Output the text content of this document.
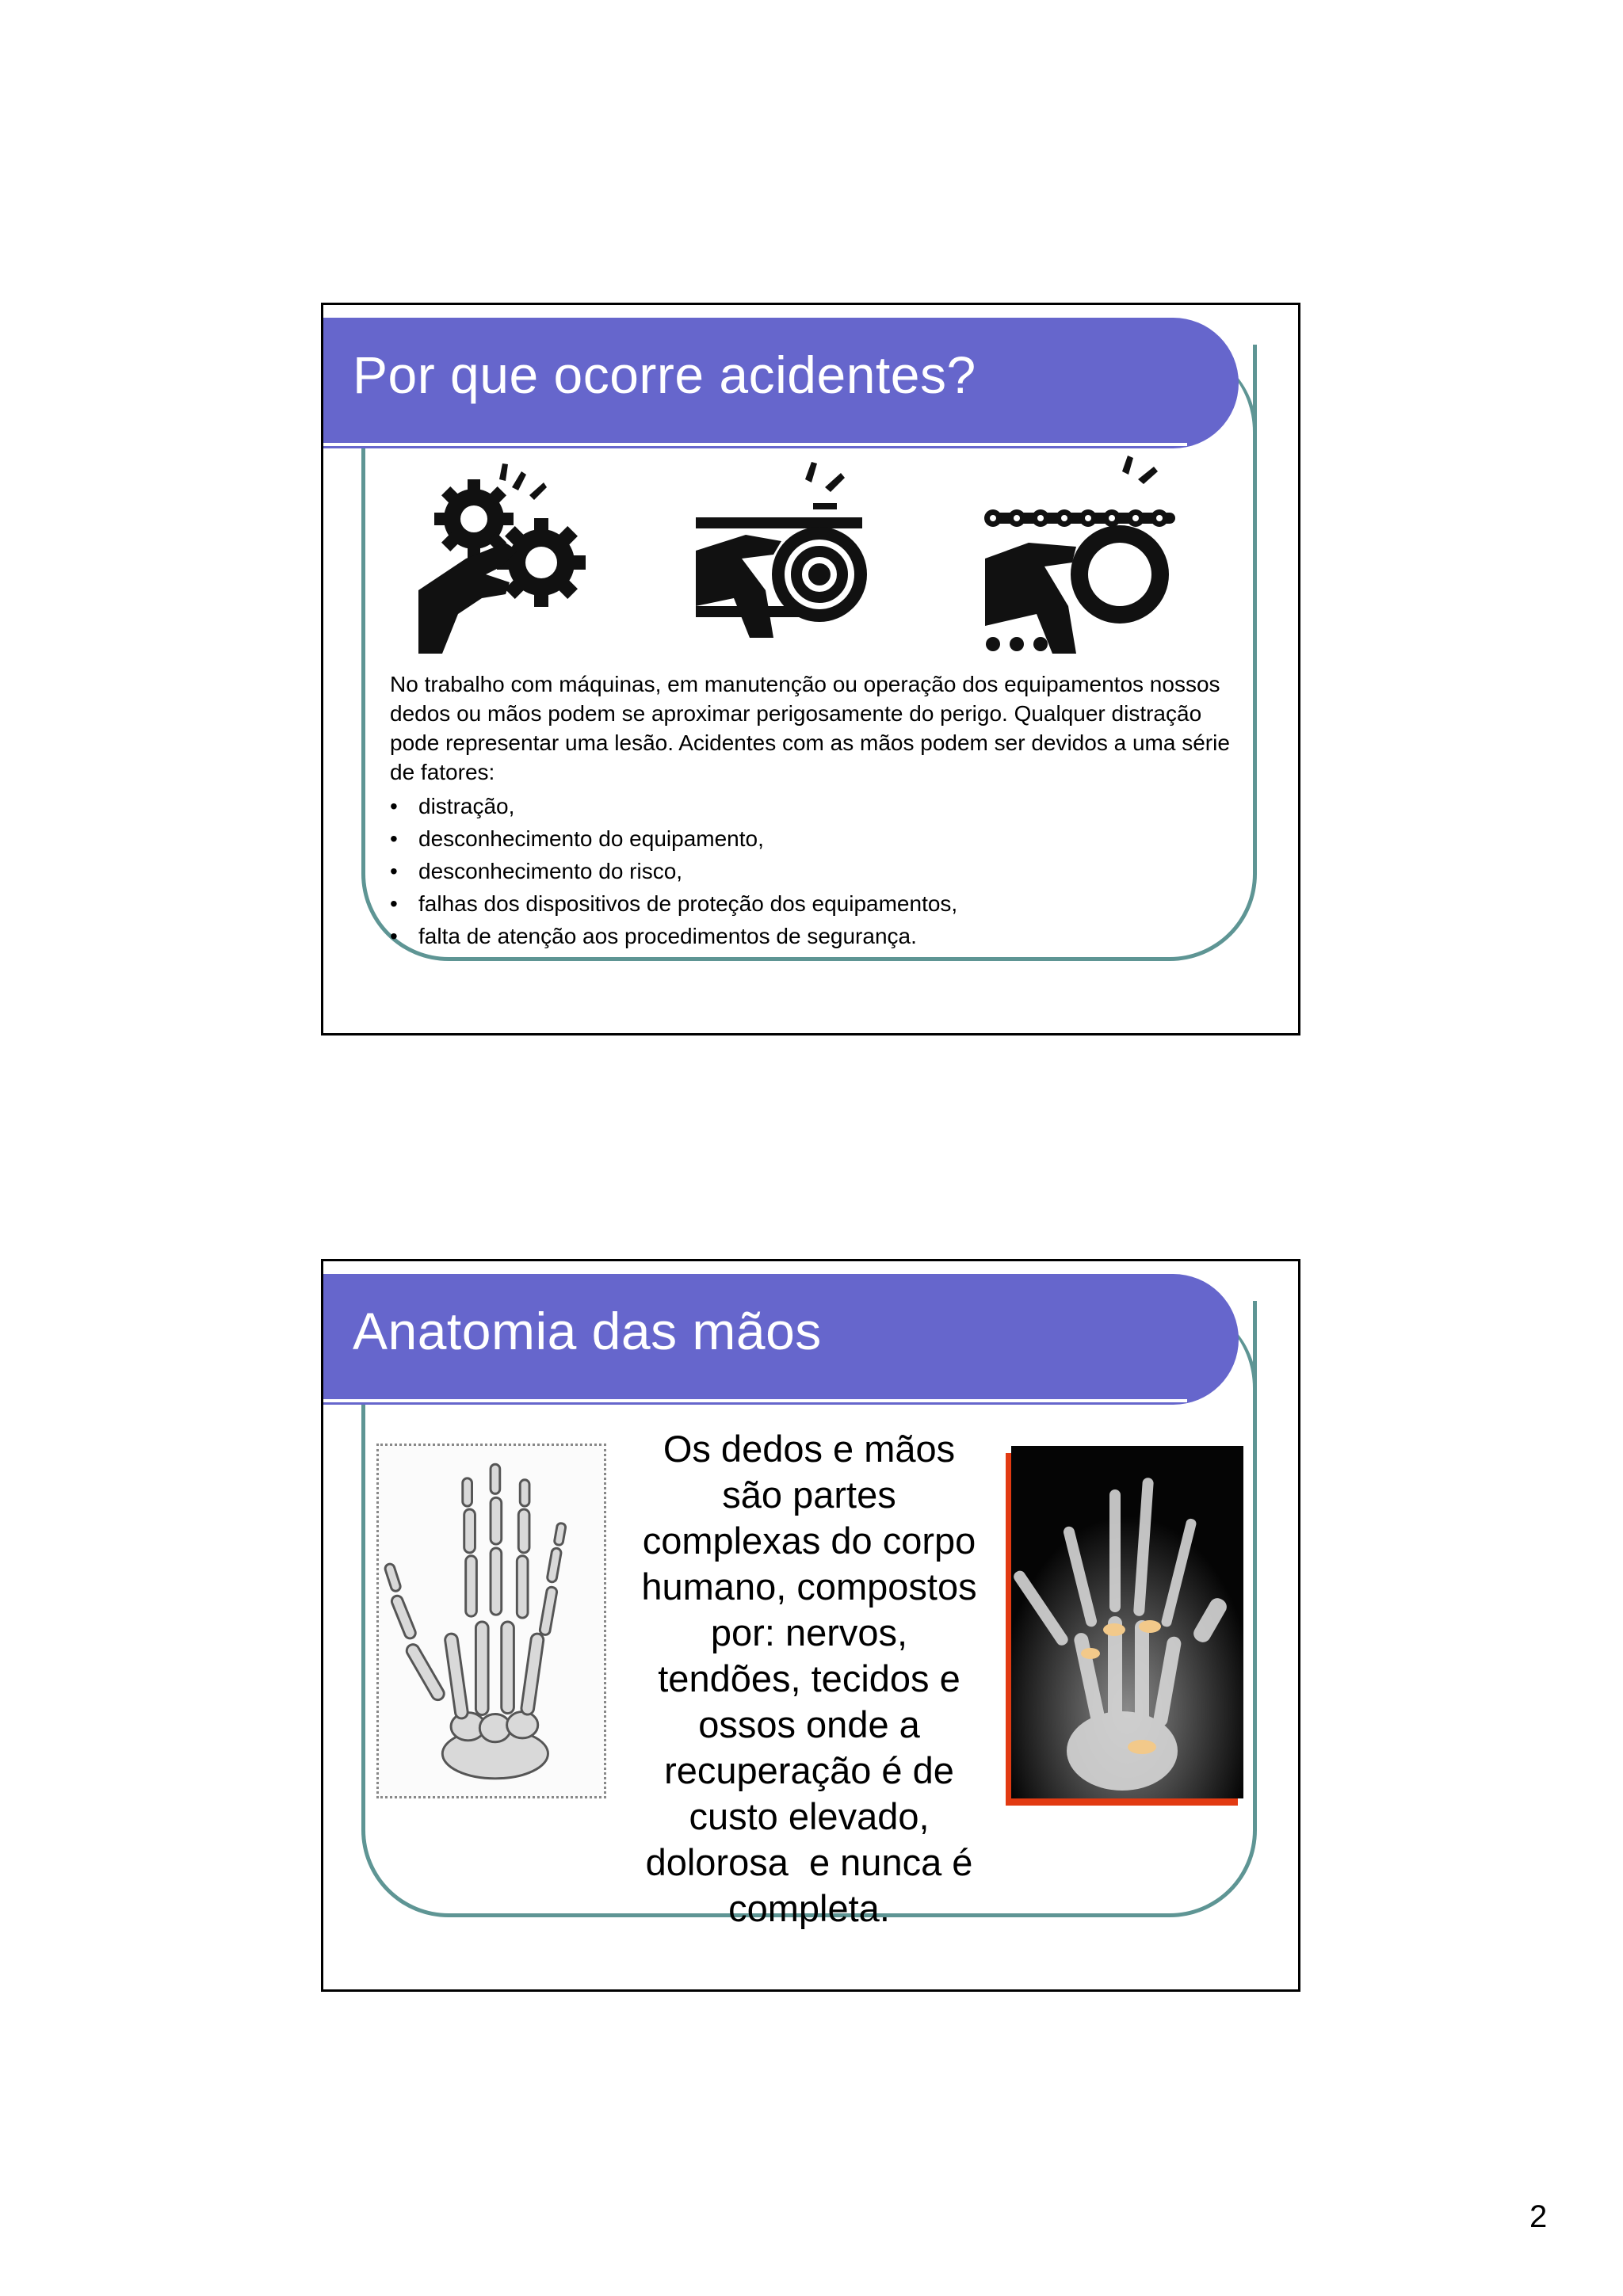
Por que ocorre acidentes?

No trabalho com máquinas, em manutenção ou operação dos equipamentos nossos dedos ou mãos podem se aproximar perigosamente do perigo. Qualquer distração pode representar uma lesão. Acidentes com as mãos podem ser devidos a uma série de fatores:

• distração,
• desconhecimento do equipamento,
• desconhecimento do risco,
• falhas dos dispositivos de proteção dos equipamentos,
• falta de atenção aos procedimentos de segurança.
Anatomia das mãos
Os dedos e mãos
são partes
complexas do corpo
humano, compostos
por: nervos,
tendões, tecidos e
ossos onde a
recuperação é de
custo elevado,
dolorosa  e nunca é
completa.
2
